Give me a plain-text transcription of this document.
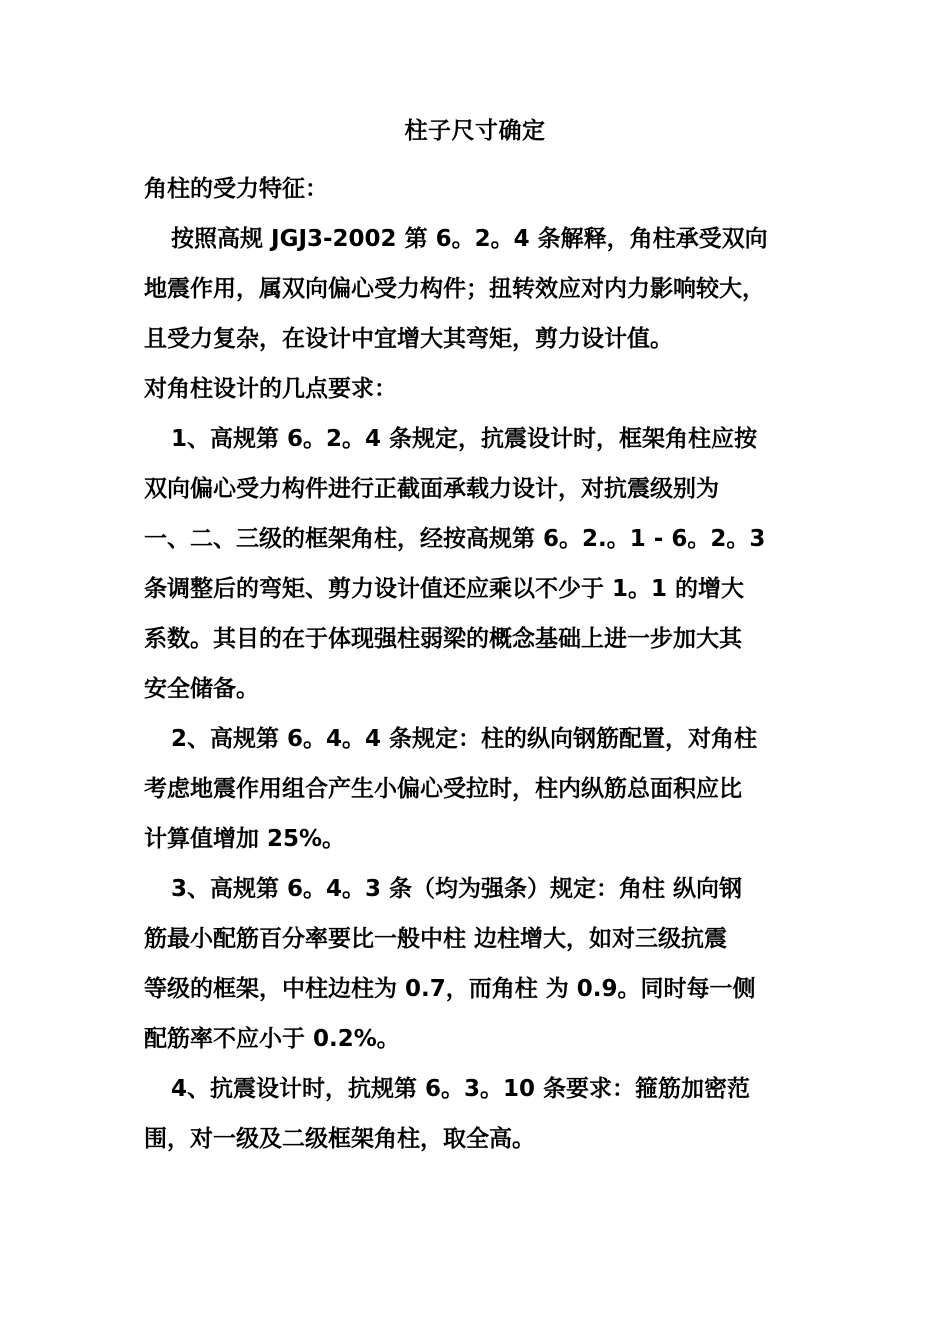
柱子尺寸确定
角柱的受力特征：
按照高规 JGJ3-2002 第 6。2。4 条解释，角柱承受双向
地震作用，属双向偏心受力构件；扭转效应对内力影响较大，
且受力复杂，在设计中宜增大其弯矩，剪力设计值。
对角柱设计的几点要求：
1、高规第 6。2。4 条规定，抗震设计时，框架角柱应按
双向偏心受力构件进行正截面承载力设计，对抗震级别为
一、二、三级的框架角柱，经按高规第 6。2.。1 - 6。2。3
条调整后的弯矩、剪力设计值还应乘以不少于 1。1 的增大
系数。其目的在于体现强柱弱梁的概念基础上进一步加大其
安全储备。
2、高规第 6。4。4 条规定：柱的纵向钢筋配置，对角柱
考虑地震作用组合产生小偏心受拉时，柱内纵筋总面积应比
计算值增加 25%。
3、高规第 6。4。3 条（均为强条）规定：角柱 纵向钢
筋最小配筋百分率要比一般中柱 边柱增大，如对三级抗震
等级的框架，中柱边柱为 0.7，而角柱 为 0.9。同时每一侧
配筋率不应小于 0.2%。
4、抗震设计时，抗规第 6。3。10 条要求：箍筋加密范
围，对一级及二级框架角柱，取全高。
